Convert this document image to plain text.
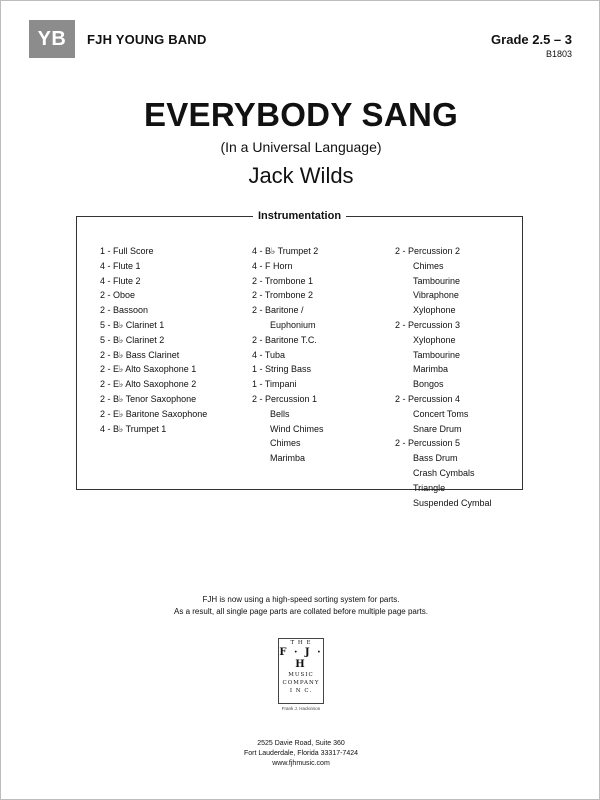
YB	FJH YOUNG BAND	Grade 2.5 – 3
B1803
EVERYBODY SANG
(In a Universal Language)
Jack Wilds
Instrumentation
1 - Full Score
4 - Flute 1
4 - Flute 2
2 - Oboe
2 - Bassoon
5 - B♭ Clarinet 1
5 - B♭ Clarinet 2
2 - B♭ Bass Clarinet
2 - E♭ Alto Saxophone 1
2 - E♭ Alto Saxophone 2
2 - B♭ Tenor Saxophone
2 - E♭ Baritone Saxophone
4 - B♭ Trumpet 1
4 - B♭ Trumpet 2
4 - F Horn
2 - Trombone 1
2 - Trombone 2
2 - Baritone /
Euphonium
2 - Baritone T.C.
4 - Tuba
1 - String Bass
1 - Timpani
2 - Percussion 1
Bells
Wind Chimes
Chimes
Marimba
2 - Percussion 2
Chimes
Tambourine
Vibraphone
Xylophone
2 - Percussion 3
Xylophone
Tambourine
Marimba
Bongos
2 - Percussion 4
Concert Toms
Snare Drum
2 - Percussion 5
Bass Drum
Crash Cymbals
Triangle
Suspended Cymbal
FJH is now using a high-speed sorting system for parts.
As a result, all single page parts are collated before multiple page parts.
T H E
F · J · H
MUSIC
COMPANY
I N C.
Frank J. Hackinson
2525 Davie Road, Suite 360
Fort Lauderdale, Florida 33317-7424
www.fjhmusic.com
